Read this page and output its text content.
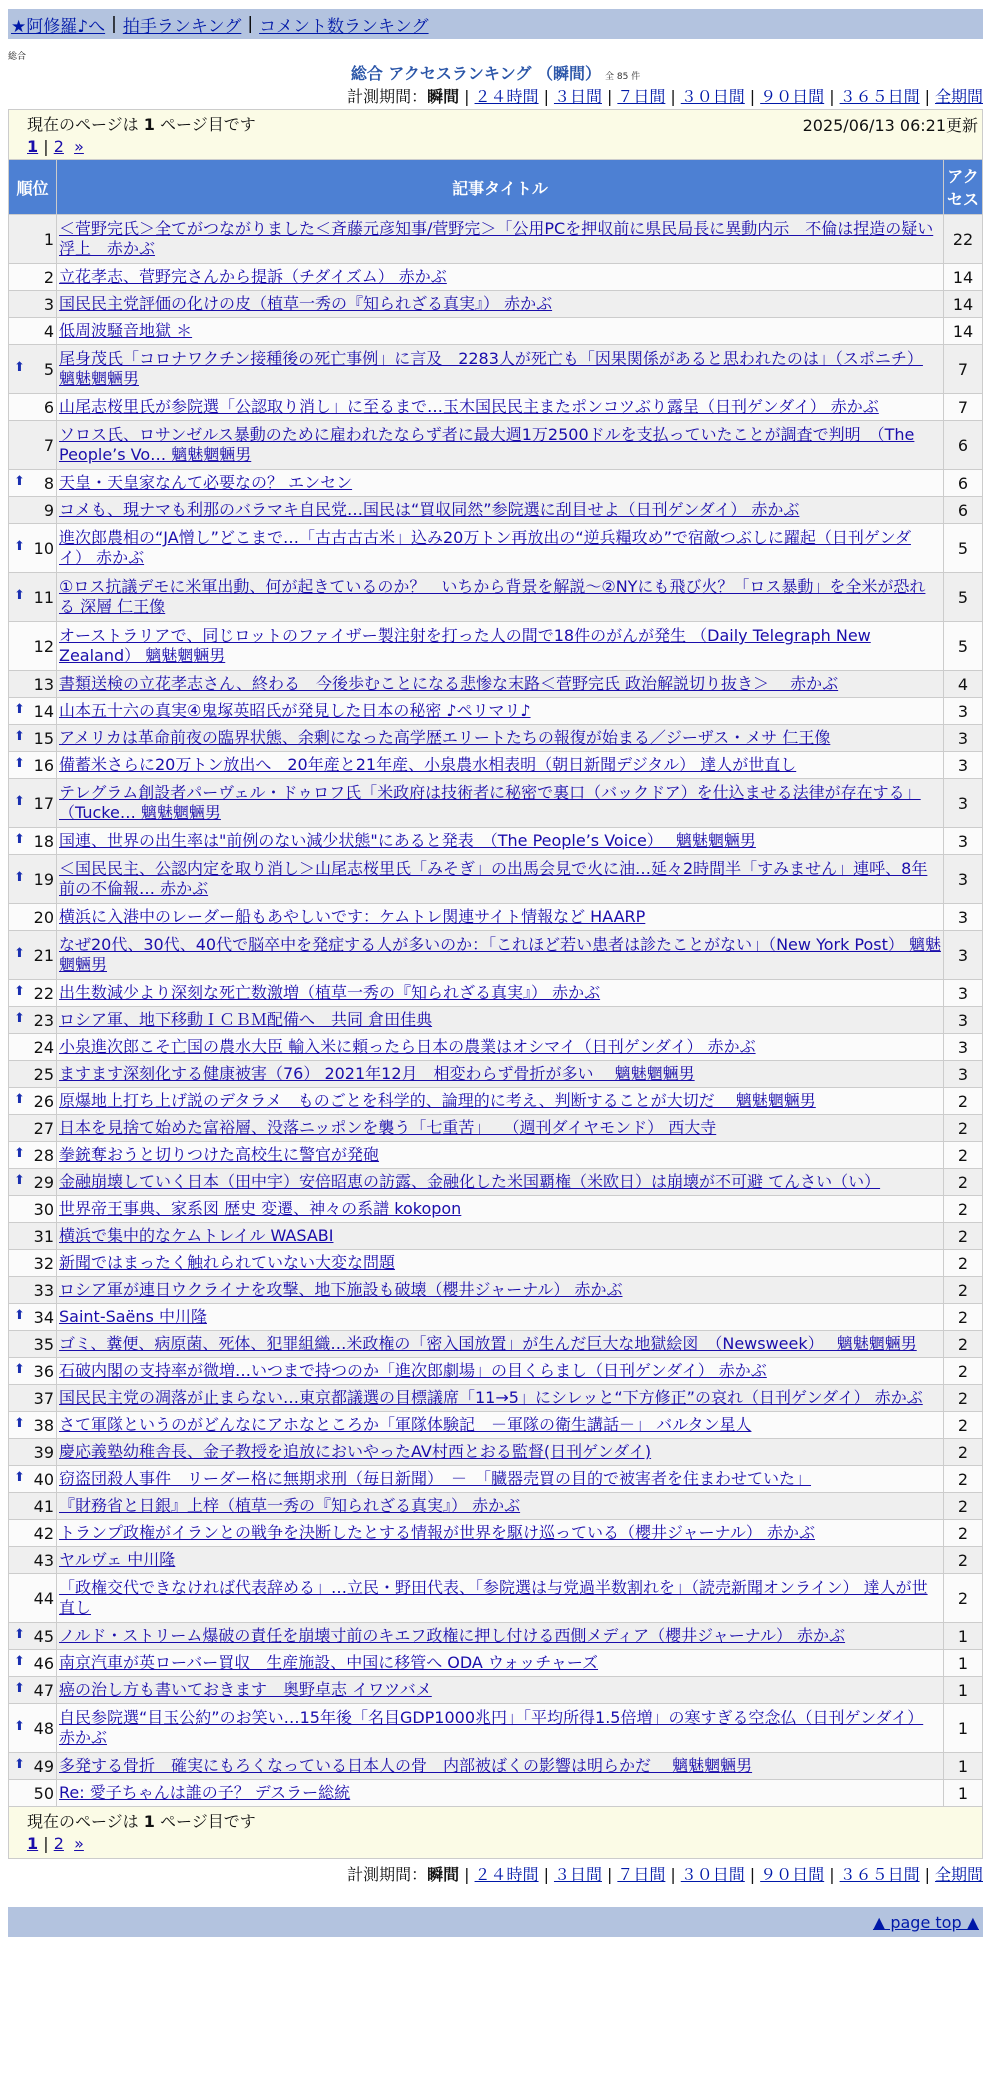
★阿修羅♪へ | 拍手ランキング | コメント数ランキング
総合
総合 アクセスランキング （瞬間） 全 85 件
計測期間：瞬間 | ２４時間 | ３日間 | ７日間 | ３０日間 | ９０日間 | ３６５日間 | 全期間
現在のページは 1 ページ目です	2025/06/13 06:21更新
1 | 2 »
順位	記事タイトル	アクセス
1	＜菅野完氏＞全てがつながりました＜斉藤元彦知事/菅野完＞「公用PCを押収前に県民局長に異動内示　不倫は捏造の疑い浮上　赤かぶ	22
2	立花孝志、菅野完さんから提訴（チダイズム） 赤かぶ	14
3	国民民主党評価の化けの皮（植草一秀の『知られざる真実』） 赤かぶ	14
4	低周波騒音地獄 ＊	14

⬆ 5	尾身茂氏「コロナワクチン接種後の死亡事例」に言及　2283人が死亡も「因果関係があると思われたのは」（スポニチ） 魑魅魍魎男	7
6	山尾志桜里氏が参院選「公認取り消し」に至るまで…玉木国民民主またポンコツぶり露呈（日刊ゲンダイ） 赤かぶ	7
7	ソロス氏、ロサンゼルス暴動のために雇われたならず者に最大週1万2500ドルを支払っていたことが調査で判明　（The People’s Vo… 魑魅魍魎男	6

⬆ 8	天皇・天皇家なんて必要なの？ エンセン	6
9	コメも、現ナマも利那のバラマキ自民党…国民は“買収同然”参院選に刮目せよ（日刊ゲンダイ） 赤かぶ	6

⬆ 10	進次郎農相の“JA憎し”どこまで…「古古古古米」込み20万トン再放出の“逆兵糧攻め”で宿敵つぶしに躍起（日刊ゲンダイ） 赤かぶ	5

⬆ 11	①ロス抗議デモに米軍出動、何が起きているのか？　いちから背景を解説〜②NYにも飛び火？「ロス暴動」を全米が恐れる 深層 仁王像	5
12	オーストラリアで、同じロットのファイザー製注射を打った人の間で18件のがんが発生 （Daily Telegraph New Zealand） 魑魅魍魎男	5
13	書類送検の立花孝志さん、終わる　今後歩むことになる悲惨な末路＜菅野完氏 政治解説切り抜き＞　 赤かぶ	4

⬆ 14	山本五十六の真実④鬼塚英昭氏が発見した日本の秘密 ♪ペリマリ♪	3

⬆ 15	アメリカは革命前夜の臨界状態、余剰になった高学歴エリートたちの報復が始まる／ジーザス・メサ 仁王像	3

⬆ 16	備蓄米さらに20万トン放出へ　20年産と21年産、小泉農水相表明（朝日新聞デジタル） 達人が世直し	3

⬆ 17	テレグラム創設者パーヴェル・ドゥロフ氏「米政府は技術者に秘密で裏口（バックドア）を仕込ませる法律が存在する」（Tucke… 魑魅魍魎男	3

⬆ 18	国連、世界の出生率は"前例のない減少状態"にあると発表　（The People’s Voice）　 魑魅魍魎男	3

⬆ 19	＜国民民主、公認内定を取り消し＞山尾志桜里氏「みそぎ」の出馬会見で火に油…延々2時間半「すみません」連呼、8年前の不倫報… 赤かぶ	3
20	横浜に入港中のレーダー船もあやしいです：ケムトレ関連サイト情報など HAARP	3

⬆ 21	なぜ20代、30代、40代で脳卒中を発症する人が多いのか：「これほど若い患者は診たことがない」（New York Post） 魑魅魍魎男	3

⬆ 22	出生数減少より深刻な死亡数激増（植草一秀の『知られざる真実』） 赤かぶ	3

⬆ 23	ロシア軍、地下移動ＩＣＢＭ配備へ　共同 倉田佳典	3
24	小泉進次郎こそ亡国の農水大臣 輸入米に頼ったら日本の農業はオシマイ（日刊ゲンダイ） 赤かぶ	3
25	ますます深刻化する健康被害（76） 2021年12月　相変わらず骨折が多い　 魑魅魍魎男	3

⬆ 26	原爆地上打ち上げ説のデタラメ　ものごとを科学的、論理的に考え、判断することが大切だ　 魑魅魍魎男	2
27	日本を見捨て始めた富裕層、没落ニッポンを襲う「七重苦」　 （週刊ダイヤモンド） 西大寺	2

⬆ 28	拳銃奪おうと切りつけた高校生に警官が発砲	2

⬆ 29	金融崩壊していく日本（田中宇）安倍昭恵の訪露、金融化した米国覇権（米欧日）は崩壊が不可避 てんさい（い）	2
30	世界帝王事典、家系図 歴史 変遷、神々の系譜 kokopon	2
31	横浜で集中的なケムトレイル WASABI	2
32	新聞ではまったく触れられていない大変な問題	2
33	ロシア軍が連日ウクライナを攻撃、地下施設も破壊（櫻井ジャーナル） 赤かぶ	2

⬆ 34	Saint-Saëns 中川隆	2
35	ゴミ、糞便、病原菌、死体、犯罪組織…米政権の「密入国放置」が生んだ巨大な地獄絵図　（Newsweek）　 魑魅魍魎男	2

⬆ 36	石破内閣の支持率が微増…いつまで持つのか「進次郎劇場」の目くらまし（日刊ゲンダイ） 赤かぶ	2
37	国民民主党の凋落が止まらない…東京都議選の目標議席「11→5」にシレッと“下方修正”の哀れ（日刊ゲンダイ） 赤かぶ	2

⬆ 38	さて軍隊というのがどんなにアホなところか「軍隊体験記　－軍隊の衛生講話－」 バルタン星人	2
39	慶応義塾幼稚舎長、金子教授を追放においやったAV村西とおる監督(日刊ゲンダイ)	2

⬆ 40	窃盗団殺人事件　リーダー格に無期求刑（毎日新聞）　－　「臓器売買の目的で被害者を住まわせていた」	2
41	『財務省と日銀』上梓（植草一秀の『知られざる真実』） 赤かぶ	2
42	トランプ政権がイランとの戦争を決断したとする情報が世界を駆け巡っている（櫻井ジャーナル） 赤かぶ	2
43	ヤルヴェ 中川隆	2
44	「政権交代できなければ代表辞める」…立民・野田代表、「参院選は与党過半数割れを」（読売新聞オンライン） 達人が世直し	2

⬆ 45	ノルド・ストリーム爆破の責任を崩壊寸前のキエフ政権に押し付ける西側メディア（櫻井ジャーナル） 赤かぶ	1

⬆ 46	南京汽車が英ローバー買収　生産施設、中国に移管へ ODA ウォッチャーズ	1

⬆ 47	癌の治し方も書いておきます　奥野卓志 イワツバメ	1

⬆ 48	自民参院選“目玉公約”のお笑い…15年後「名目GDP1000兆円」「平均所得1.5倍増」の寒すぎる空念仏（日刊ゲンダイ） 赤かぶ	1

⬆ 49	多発する骨折　確実にもろくなっている日本人の骨　内部被ばくの影響は明らかだ　 魑魅魍魎男	1
50	Re: 愛子ちゃんは誰の子？ デスラー総統	1
現在のページは 1 ページ目です
1 | 2 »
計測期間：瞬間 | ２４時間 | ３日間 | ７日間 | ３０日間 | ９０日間 | ３６５日間 | 全期間
▲ page top ▲
